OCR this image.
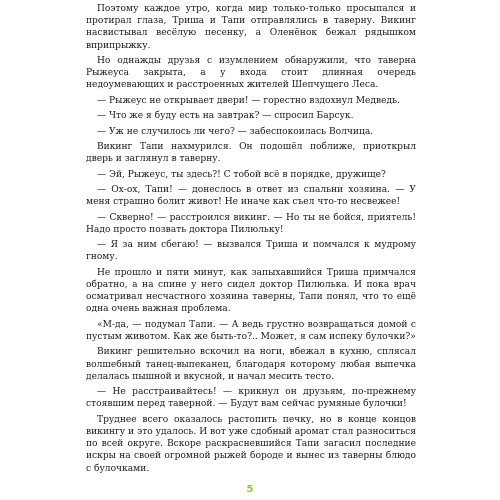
Поэтому каждое утро, когда мир только-только просыпался и протирал глаза, Триша и Тапи отправлялись в таверну. Викинг насвистывал весёлую песенку, а Оленёнок бежал рядышком вприпрыжку.

Но однажды друзья с изумлением обнаружили, что таверна Рыжеуса закрыта, а у входа стоит длинная очередь недоумевающих и расстроенных жителей Шепчущего Леса.

— Рыжеус не открывает двери! — горестно вздохнул Медведь.

— Что же я буду есть на завтрак? — спросил Барсук.

— Уж не случилось ли чего? — забеспокоилась Волчица.

Викинг Тапи нахмурился. Он подошёл поближе, приоткрыл дверь и заглянул в таверну.

— Эй, Рыжеус, ты здесь?! С тобой всё в порядке, дружище?

— Ох-ох, Тапи! — донеслось в ответ из спальни хозяина. — У меня страшно болит живот! Не иначе как съел что-то несвежее!

— Скверно! — расстроился викинг. — Но ты не бойся, приятель! Надо просто позвать доктора Пилюльку!

— Я за ним сбегаю! — вызвался Триша и помчался к мудрому гному.

Не прошло и пяти минут, как запыхавшийся Триша примчался обратно, а на спине у него сидел доктор Пилюлька. И пока врач осматривал несчастного хозяина таверны, Тапи понял, что то ещё одна очень важная проблема.

«М-да, — подумал Тапи. — А ведь грустно возвращаться домой с пустым животом. Как же быть-то?.. Может, я сам испеку булочки?»

Викинг решительно вскочил на ноги, вбежал в кухню, сплясал волшебный танец-выпеканец, благодаря которому любая выпечка делалась пышной и вкусной, и начал месить тесто.

— Не расстраивайтесь! — крикнул он друзьям, по-прежнему стоявшим перед таверной. — Будут вам сейчас румяные булочки!

Труднее всего оказалось растопить печку, но в конце концов викингу и это удалось. И вот уже сдобный аромат стал разноситься по всей округе. Вскоре раскрасневшийся Тапи загасил последние искры на своей огромной рыжей бороде и вынес из таверны блюдо с булочками.

5
